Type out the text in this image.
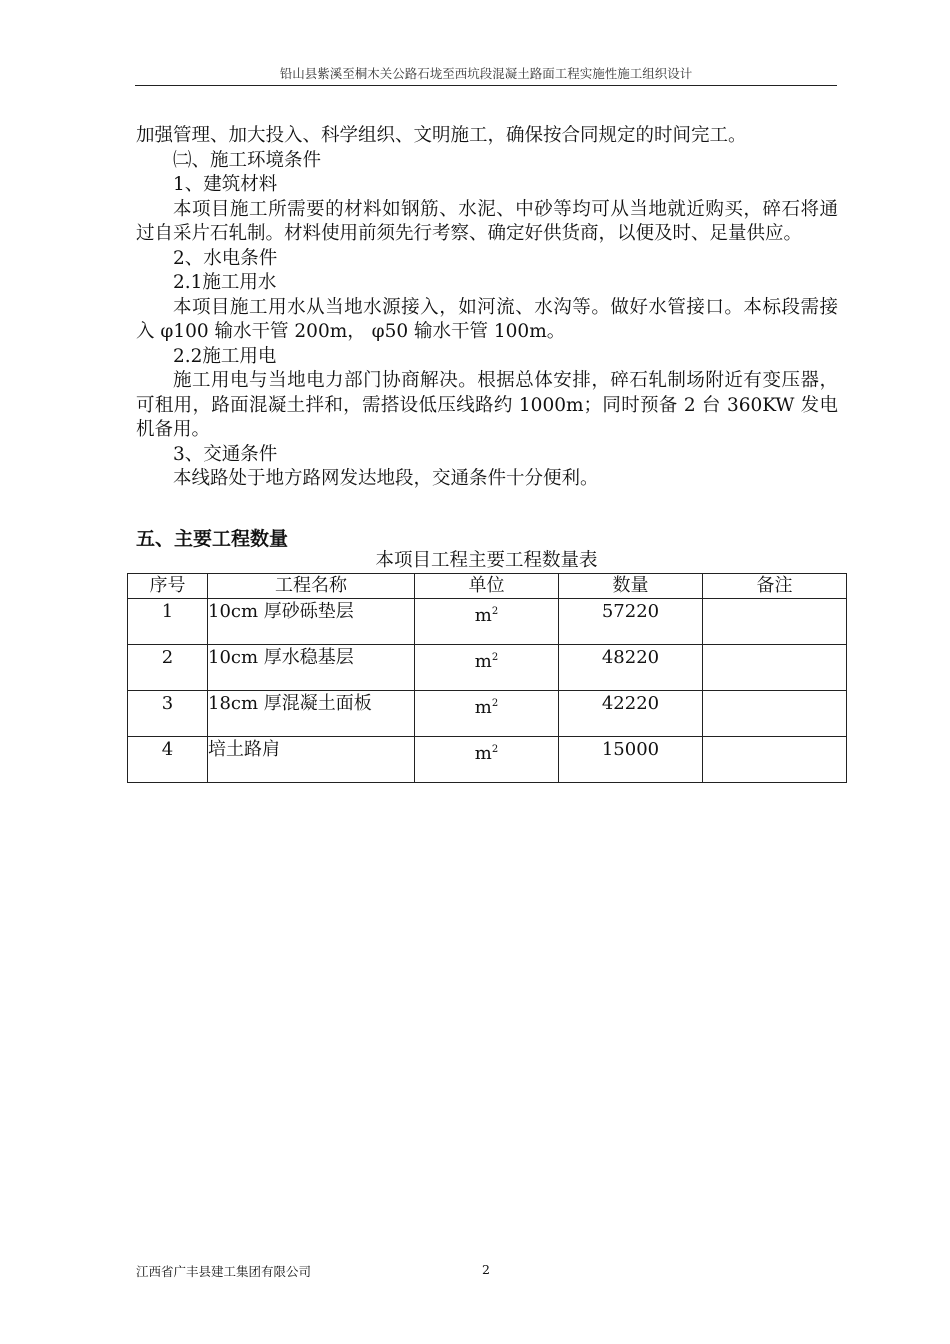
铅山县紫溪至桐木关公路石垅至西坑段混凝土路面工程实施性施工组织设计

加强管理、加大投入、科学组织、文明施工，确保按合同规定的时间完工。

㈡、施工环境条件

1、建筑材料

本项目施工所需要的材料如钢筋、水泥、中砂等均可从当地就近购买，碎石将通过自采片石轧制。材料使用前须先行考察、确定好供货商，以便及时、足量供应。

2、水电条件

2.1施工用水

本项目施工用水从当地水源接入，如河流、水沟等。做好水管接口。本标段需接入 φ100 输水干管 200m， φ50 输水干管 100m。

2.2施工用电

施工用电与当地电力部门协商解决。根据总体安排，碎石轧制场附近有变压器，可租用，路面混凝土拌和，需搭设低压线路约 1000m；同时预备 2 台 360KW 发电机备用。

3、交通条件

本线路处于地方路网发达地段，交通条件十分便利。

五、主要工程数量
本项目工程主要工程数量表
序号	工程名称	单位	数量	备注
1	10cm 厚砂砾垫层	$m^2$	57220	
2	10cm 厚水稳基层	$m^2$	48220	
3	18cm 厚混凝土面板	$m^2$	42220	
4	培土路肩	$m^2$	15000	
江西省广丰县建工集团有限公司	2
